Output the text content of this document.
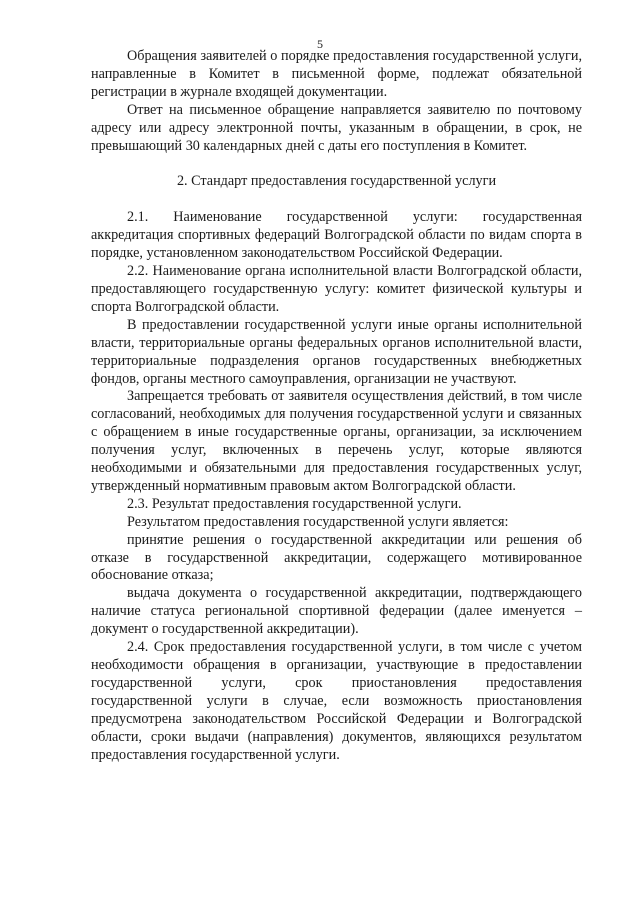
5

Обращения заявителей о порядке предоставления государственной услуги, направленные в Комитет в письменной форме, подлежат обязательной регистрации в журнале входящей документации.

Ответ на письменное обращение направляется заявителю по почтовому адресу или адресу электронной почты, указанным в обращении, в срок, не превышающий 30 календарных дней с даты его поступления в Комитет.

2. Стандарт предоставления государственной услуги

2.1. Наименование государственной услуги: государственная аккредитация спортивных федераций Волгоградской области по видам спорта в порядке, установленном законодательством Российской Федерации.

2.2. Наименование органа исполнительной власти Волгоградской области, предоставляющего государственную услугу: комитет физической культуры и спорта Волгоградской области.

В предоставлении государственной услуги иные органы исполнительной власти, территориальные органы федеральных органов исполнительной власти, территориальные подразделения органов государственных внебюджетных фондов, органы местного самоуправления, организации не участвуют.

Запрещается требовать от заявителя осуществления действий, в том числе согласований, необходимых для получения государственной услуги и связанных с обращением в иные государственные органы, организации, за исключением получения услуг, включенных в перечень услуг, которые являются необходимыми и обязательными для предоставления государственных услуг, утвержденный нормативным правовым актом Волгоградской области.

2.3. Результат предоставления государственной услуги.

Результатом предоставления государственной услуги является:

принятие решения о государственной аккредитации или решения об отказе в государственной аккредитации, содержащего мотивированное обоснование отказа;

выдача документа о государственной аккредитации, подтверждающего наличие статуса региональной спортивной федерации (далее именуется – документ о государственной аккредитации).

2.4. Срок предоставления государственной услуги, в том числе с учетом необходимости обращения в организации, участвующие в предоставлении государственной услуги, срок приостановления предоставления государственной услуги в случае, если возможность приостановления предусмотрена законодательством Российской Федерации и Волгоградской области, сроки выдачи (направления) документов, являющихся результатом предоставления государственной услуги.
